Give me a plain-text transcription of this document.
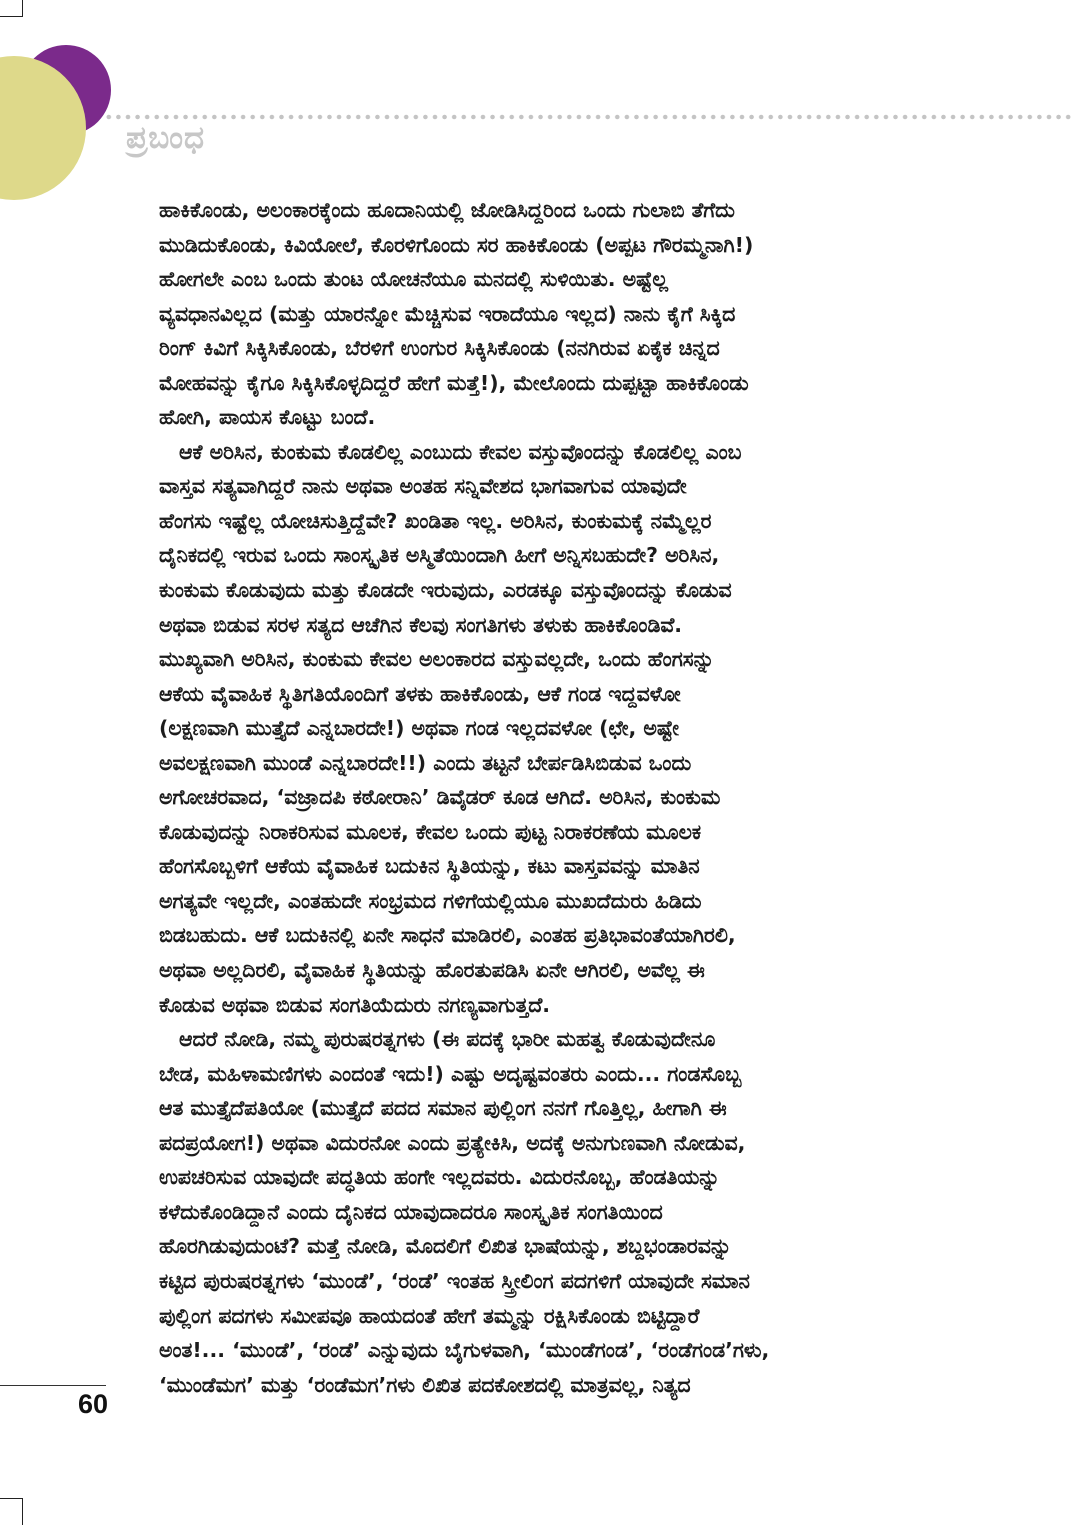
ಪ್ರಬಂಧ
ಹಾಕಿಕೊಂಡು, ಅಲಂಕಾರಕ್ಕೆಂದು ಹೂದಾನಿಯಲ್ಲಿ ಜೋಡಿಸಿದ್ದರಿಂದ ಒಂದು ಗುಲಾಬಿ ತೆಗೆದು
ಮುಡಿದುಕೊಂಡು, ಕಿವಿಯೋಲೆ, ಕೊರಳಿಗೊಂದು ಸರ ಹಾಕಿಕೊಂಡು (ಅಪ್ಪಟ ಗೌರಮ್ಮನಾಗಿ!)
ಹೋಗಲೇ ಎಂಬ ಒಂದು ತುಂಟ ಯೋಚನೆಯೂ ಮನದಲ್ಲಿ ಸುಳಿಯಿತು. ಅಷ್ಟೆಲ್ಲ
ವ್ಯವಧಾನವಿಲ್ಲದ (ಮತ್ತು ಯಾರನ್ನೋ ಮೆಚ್ಚಿಸುವ ಇರಾದೆಯೂ ಇಲ್ಲದ) ನಾನು ಕೈಗೆ ಸಿಕ್ಕಿದ
ರಿಂಗ್ ಕಿವಿಗೆ ಸಿಕ್ಕಿಸಿಕೊಂಡು, ಬೆರಳಿಗೆ ಉಂಗುರ ಸಿಕ್ಕಿಸಿಕೊಂಡು (ನನಗಿರುವ ಏಕೈಕ ಚಿನ್ನದ
ಮೋಹವನ್ನು ಕೈಗೂ ಸಿಕ್ಕಿಸಿಕೊಳ್ಳದಿದ್ದರೆ ಹೇಗೆ ಮತ್ತೆ!), ಮೇಲೊಂದು ದುಪ್ಪಟ್ಟಾ ಹಾಕಿಕೊಂಡು
ಹೋಗಿ, ಪಾಯಸ ಕೊಟ್ಟು ಬಂದೆ.
ಆಕೆ ಅರಿಸಿನ, ಕುಂಕುಮ ಕೊಡಲಿಲ್ಲ ಎಂಬುದು ಕೇವಲ ವಸ್ತುವೊಂದನ್ನು ಕೊಡಲಿಲ್ಲ ಎಂಬ
ವಾಸ್ತವ ಸತ್ಯವಾಗಿದ್ದರೆ ನಾನು ಅಥವಾ ಅಂತಹ ಸನ್ನಿವೇಶದ ಭಾಗವಾಗುವ ಯಾವುದೇ
ಹೆಂಗಸು ಇಷ್ಟೆಲ್ಲ ಯೋಚಿಸುತ್ತಿದ್ದೆವೇ? ಖಂಡಿತಾ ಇಲ್ಲ. ಅರಿಸಿನ, ಕುಂಕುಮಕ್ಕೆ ನಮ್ಮೆಲ್ಲರ
ದೈನಿಕದಲ್ಲಿ ಇರುವ ಒಂದು ಸಾಂಸ್ಕೃತಿಕ ಅಸ್ಮಿತೆಯಿಂದಾಗಿ ಹೀಗೆ ಅನ್ನಿಸಬಹುದೇ? ಅರಿಸಿನ,
ಕುಂಕುಮ ಕೊಡುವುದು ಮತ್ತು ಕೊಡದೇ ಇರುವುದು, ಎರಡಕ್ಕೂ ವಸ್ತುವೊಂದನ್ನು ಕೊಡುವ
ಅಥವಾ ಬಿಡುವ ಸರಳ ಸತ್ಯದ ಆಚೆಗಿನ ಕೆಲವು ಸಂಗತಿಗಳು ತಳುಕು ಹಾಕಿಕೊಂಡಿವೆ.
ಮುಖ್ಯವಾಗಿ ಅರಿಸಿನ, ಕುಂಕುಮ ಕೇವಲ ಅಲಂಕಾರದ ವಸ್ತುವಲ್ಲದೇ, ಒಂದು ಹೆಂಗಸನ್ನು
ಆಕೆಯ ವೈವಾಹಿಕ ಸ್ಥಿತಿಗತಿಯೊಂದಿಗೆ ತಳಕು ಹಾಕಿಕೊಂಡು, ಆಕೆ ಗಂಡ ಇದ್ದವಳೋ
(ಲಕ್ಷಣವಾಗಿ ಮುತ್ತೈದೆ ಎನ್ನಬಾರದೇ!) ಅಥವಾ ಗಂಡ ಇಲ್ಲದವಳೋ (ಛೇ, ಅಷ್ಟೇ
ಅವಲಕ್ಷಣವಾಗಿ ಮುಂಡೆ ಎನ್ನಬಾರದೇ!!) ಎಂದು ತಟ್ಟನೆ ಬೇರ್ಪಡಿಸಿಬಿಡುವ ಒಂದು
ಅಗೋಚರವಾದ, ‘ವಜ್ರಾದಪಿ ಕಠೋರಾನಿ’ ಡಿವೈಡರ್ ಕೂಡ ಆಗಿದೆ. ಅರಿಸಿನ, ಕುಂಕುಮ
ಕೊಡುವುದನ್ನು ನಿರಾಕರಿಸುವ ಮೂಲಕ, ಕೇವಲ ಒಂದು ಪುಟ್ಟ ನಿರಾಕರಣೆಯ ಮೂಲಕ
ಹೆಂಗಸೊಬ್ಬಳಿಗೆ ಆಕೆಯ ವೈವಾಹಿಕ ಬದುಕಿನ ಸ್ಥಿತಿಯನ್ನು, ಕಟು ವಾಸ್ತವವನ್ನು ಮಾತಿನ
ಅಗತ್ಯವೇ ಇಲ್ಲದೇ, ಎಂತಹುದೇ ಸಂಭ್ರಮದ ಗಳಿಗೆಯಲ್ಲಿಯೂ ಮುಖದೆದುರು ಹಿಡಿದು
ಬಿಡಬಹುದು. ಆಕೆ ಬದುಕಿನಲ್ಲಿ ಏನೇ ಸಾಧನೆ ಮಾಡಿರಲಿ, ಎಂತಹ ಪ್ರತಿಭಾವಂತೆಯಾಗಿರಲಿ,
ಅಥವಾ ಅಲ್ಲದಿರಲಿ, ವೈವಾಹಿಕ ಸ್ಥಿತಿಯನ್ನು ಹೊರತುಪಡಿಸಿ ಏನೇ ಆಗಿರಲಿ, ಅವೆಲ್ಲ ಈ
ಕೊಡುವ ಅಥವಾ ಬಿಡುವ ಸಂಗತಿಯೆದುರು ನಗಣ್ಯವಾಗುತ್ತದೆ.
ಆದರೆ ನೋಡಿ, ನಮ್ಮ ಪುರುಷರತ್ನಗಳು (ಈ ಪದಕ್ಕೆ ಭಾರೀ ಮಹತ್ವ ಕೊಡುವುದೇನೂ
ಬೇಡ, ಮಹಿಳಾಮಣಿಗಳು ಎಂದಂತೆ ಇದು!) ಎಷ್ಟು ಅದೃಷ್ಟವಂತರು ಎಂದು... ಗಂಡಸೊಬ್ಬ
ಆತ ಮುತ್ತೈದೆಪತಿಯೋ (ಮುತ್ತೈದೆ ಪದದ ಸಮಾನ ಪುಲ್ಲಿಂಗ ನನಗೆ ಗೊತ್ತಿಲ್ಲ, ಹೀಗಾಗಿ ಈ
ಪದಪ್ರಯೋಗ!) ಅಥವಾ ವಿದುರನೋ ಎಂದು ಪ್ರತ್ಯೇಕಿಸಿ, ಅದಕ್ಕೆ ಅನುಗುಣವಾಗಿ ನೋಡುವ,
ಉಪಚರಿಸುವ ಯಾವುದೇ ಪದ್ಧತಿಯ ಹಂಗೇ ಇಲ್ಲದವರು. ವಿದುರನೊಬ್ಬ, ಹೆಂಡತಿಯನ್ನು
ಕಳೆದುಕೊಂಡಿದ್ದಾನೆ ಎಂದು ದೈನಿಕದ ಯಾವುದಾದರೂ ಸಾಂಸ್ಕೃತಿಕ ಸಂಗತಿಯಿಂದ
ಹೊರಗಿಡುವುದುಂಟೆ? ಮತ್ತೆ ನೋಡಿ, ಮೊದಲಿಗೆ ಲಿಖಿತ ಭಾಷೆಯನ್ನು, ಶಬ್ದಭಂಡಾರವನ್ನು
ಕಟ್ಟಿದ ಪುರುಷರತ್ನಗಳು ‘ಮುಂಡೆ’, ‘ರಂಡೆ’ ಇಂತಹ ಸ್ತ್ರೀಲಿಂಗ ಪದಗಳಿಗೆ ಯಾವುದೇ ಸಮಾನ
ಪುಲ್ಲಿಂಗ ಪದಗಳು ಸಮೀಪವೂ ಹಾಯದಂತೆ ಹೇಗೆ ತಮ್ಮನ್ನು ರಕ್ಷಿಸಿಕೊಂಡು ಬಿಟ್ಟಿದ್ದಾರೆ
ಅಂತ!... ‘ಮುಂಡೆ’, ‘ರಂಡೆ’ ಎನ್ನುವುದು ಬೈಗುಳವಾಗಿ, ‘ಮುಂಡೆಗಂಡ’, ‘ರಂಡೆಗಂಡ’ಗಳು,
‘ಮುಂಡೆಮಗ’ ಮತ್ತು ‘ರಂಡೆಮಗ’ಗಳು ಲಿಖಿತ ಪದಕೋಶದಲ್ಲಿ ಮಾತ್ರವಲ್ಲ, ನಿತ್ಯದ
60
